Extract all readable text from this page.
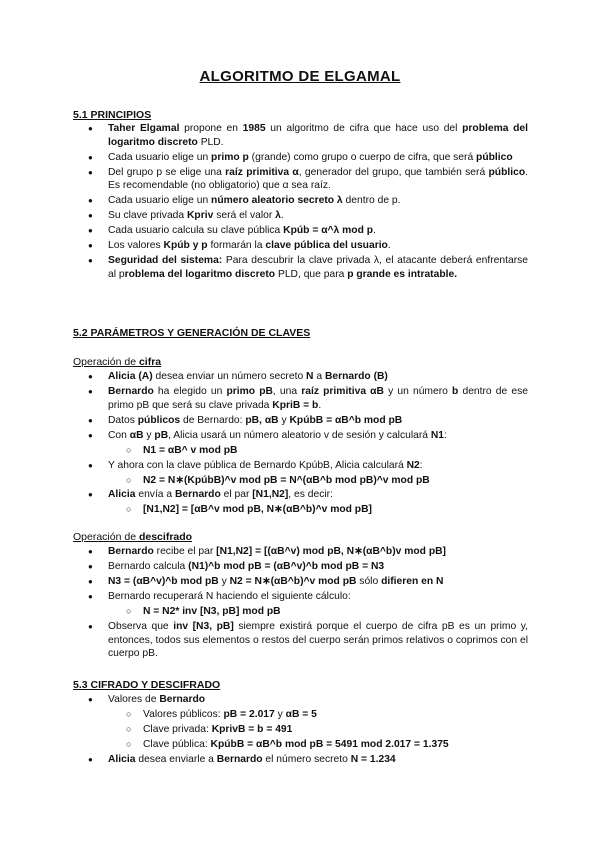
ALGORITMO DE ELGAMAL
5.1 PRINCIPIOS
● Taher Elgamal propone en 1985 un algoritmo de cifra que hace uso del problema del logaritmo discreto PLD.
● Cada usuario elige un primo p (grande) como grupo o cuerpo de cifra, que será público
● Del grupo p se elige una raíz primitiva α, generador del grupo, que también será público. Es recomendable (no obligatorio) que α sea raíz.
● Cada usuario elige un número aleatorio secreto λ dentro de p.
● Su clave privada Kpriv será el valor λ.
● Cada usuario calcula su clave pública Kpúb = α^λ mod p.
● Los valores Kpúb y p formarán la clave pública del usuario.
● Seguridad del sistema: Para descubrir la clave privada λ, el atacante deberá enfrentarse al problema del logaritmo discreto PLD, que para p grande es intratable.
5.2 PARÁMETROS Y GENERACIÓN DE CLAVES
Operación de cifra
● Alicia (A) desea enviar un número secreto N a Bernardo (B)
● Bernardo ha elegido un primo pB, una raíz primitiva αB y un número b dentro de ese primo pB que será su clave privada KpriB = b.
● Datos públicos de Bernardo: pB, αB y KpúbB = αB^b mod pB
● Con αB y pB, Alicia usará un número aleatorio v de sesión y calculará N1:
○ N1 = αB^ v mod pB
● Y ahora con la clave pública de Bernardo KpúbB, Alicia calculará N2:
○ N2 = N∗(KpúbB)^v mod pB = N^(αB^b mod pB)^v mod pB
● Alicia envía a Bernardo el par [N1,N2], es decir:
○ [N1,N2] = [αB^v mod pB, N∗(αB^b)^v mod pB]
Operación de descifrado
● Bernardo recibe el par [N1,N2] = [(αB^v) mod pB, N∗(αB^b)v mod pB]
● Bernardo calcula (N1)^b mod pB = (αB^v)^b mod pB = N3
● N3 = (αB^v)^b mod pB y N2 = N∗(αB^b)^v mod pB sólo difieren en N
● Bernardo recuperará N haciendo el siguiente cálculo:
○ N = N2* inv [N3, pB] mod pB
● Observa que inv [N3, pB] siempre existirá porque el cuerpo de cifra pB es un primo y, entonces, todos sus elementos o restos del cuerpo serán primos relativos o coprimos con el cuerpo pB.
5.3 CIFRADO Y DESCIFRADO
● Valores de Bernardo
○ Valores públicos: pB = 2.017 y αB = 5
○ Clave privada: KprivB = b = 491
○ Clave pública: KpúbB = αB^b mod pB = 5491 mod 2.017 = 1.375
● Alicia desea enviarle a Bernardo el número secreto N = 1.234
